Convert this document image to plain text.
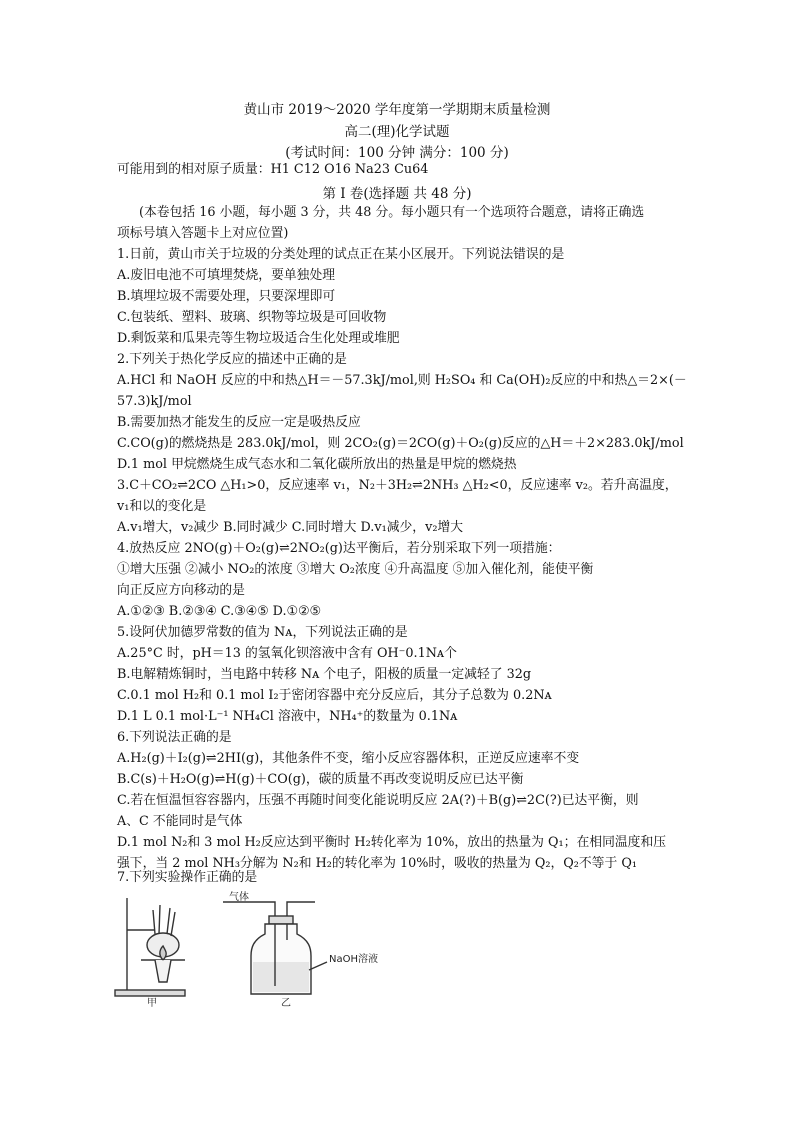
黄山市 2019～2020 学年度第一学期期末质量检测
高二(理)化学试题
(考试时间：100 分钟 满分：100 分)
可能用到的相对原子质量：H1 C12 O16 Na23 Cu64
第 I 卷(选择题 共 48 分)
(本卷包括 16 小题，每小题 3 分，共 48 分。每小题只有一个选项符合题意，请将正确选
项标号填入答题卡上对应位置)
1.日前，黄山市关于垃圾的分类处理的试点正在某小区展开。下列说法错误的是
A.废旧电池不可填埋焚烧，要单独处理
B.填埋垃圾不需要处理，只要深埋即可
C.包装纸、塑料、玻璃、织物等垃圾是可回收物
D.剩饭菜和瓜果壳等生物垃圾适合生化处理或堆肥
2.下列关于热化学反应的描述中正确的是
A.HCl 和 NaOH 反应的中和热△H＝－57.3kJ/mol,则 H₂SO₄ 和 Ca(OH)₂反应的中和热△＝2×(－
57.3)kJ/mol
B.需要加热才能发生的反应一定是吸热反应
C.CO(g)的燃烧热是 283.0kJ/mol，则 2CO₂(g)＝2CO(g)＋O₂(g)反应的△H＝＋2×283.0kJ/mol
D.1 mol 甲烷燃烧生成气态水和二氧化碳所放出的热量是甲烷的燃烧热
3.C＋CO₂⇌2CO △H₁>0，反应速率 v₁，N₂＋3H₂⇌2NH₃ △H₂<0，反应速率 v₂。若升高温度，
v₁和以的变化是
A.v₁增大，v₂减少 B.同时减少 C.同时增大 D.v₁减少，v₂增大
4.放热反应 2NO(g)＋O₂(g)⇌2NO₂(g)达平衡后，若分别采取下列一项措施：
①增大压强 ②减小 NO₂的浓度 ③增大 O₂浓度 ④升高温度 ⑤加入催化剂，能使平衡
向正反应方向移动的是
A.①②③ B.②③④ C.③④⑤ D.①②⑤
5.设阿伏加德罗常数的值为 Nᴀ，下列说法正确的是
A.25°C 时，pH＝13 的氢氧化钡溶液中含有 OH⁻0.1Nᴀ个
B.电解精炼铜时，当电路中转移 Nᴀ 个电子，阳极的质量一定减轻了 32g
C.0.1 mol H₂和 0.1 mol I₂于密闭容器中充分反应后，其分子总数为 0.2Nᴀ
D.1 L 0.1 mol·L⁻¹ NH₄Cl 溶液中，NH₄⁺的数量为 0.1Nᴀ
6.下列说法正确的是
A.H₂(g)＋I₂(g)⇌2HI(g)，其他条件不变，缩小反应容器体积，正逆反应速率不变
B.C(s)＋H₂O(g)⇌H(g)＋CO(g)，碳的质量不再改变说明反应已达平衡
C.若在恒温恒容容器内，压强不再随时间变化能说明反应 2A(?)＋B(g)⇌2C(?)已达平衡，则
A、C 不能同时是气体
D.1 mol N₂和 3 mol H₂反应达到平衡时 H₂转化率为 10%，放出的热量为 Q₁；在相同温度和压
强下，当 2 mol NH₃分解为 N₂和 H₂的转化率为 10%时，吸收的热量为 Q₂，Q₂不等于 Q₁
7.下列实验操作正确的是
甲
气体
NaOH溶液
乙
